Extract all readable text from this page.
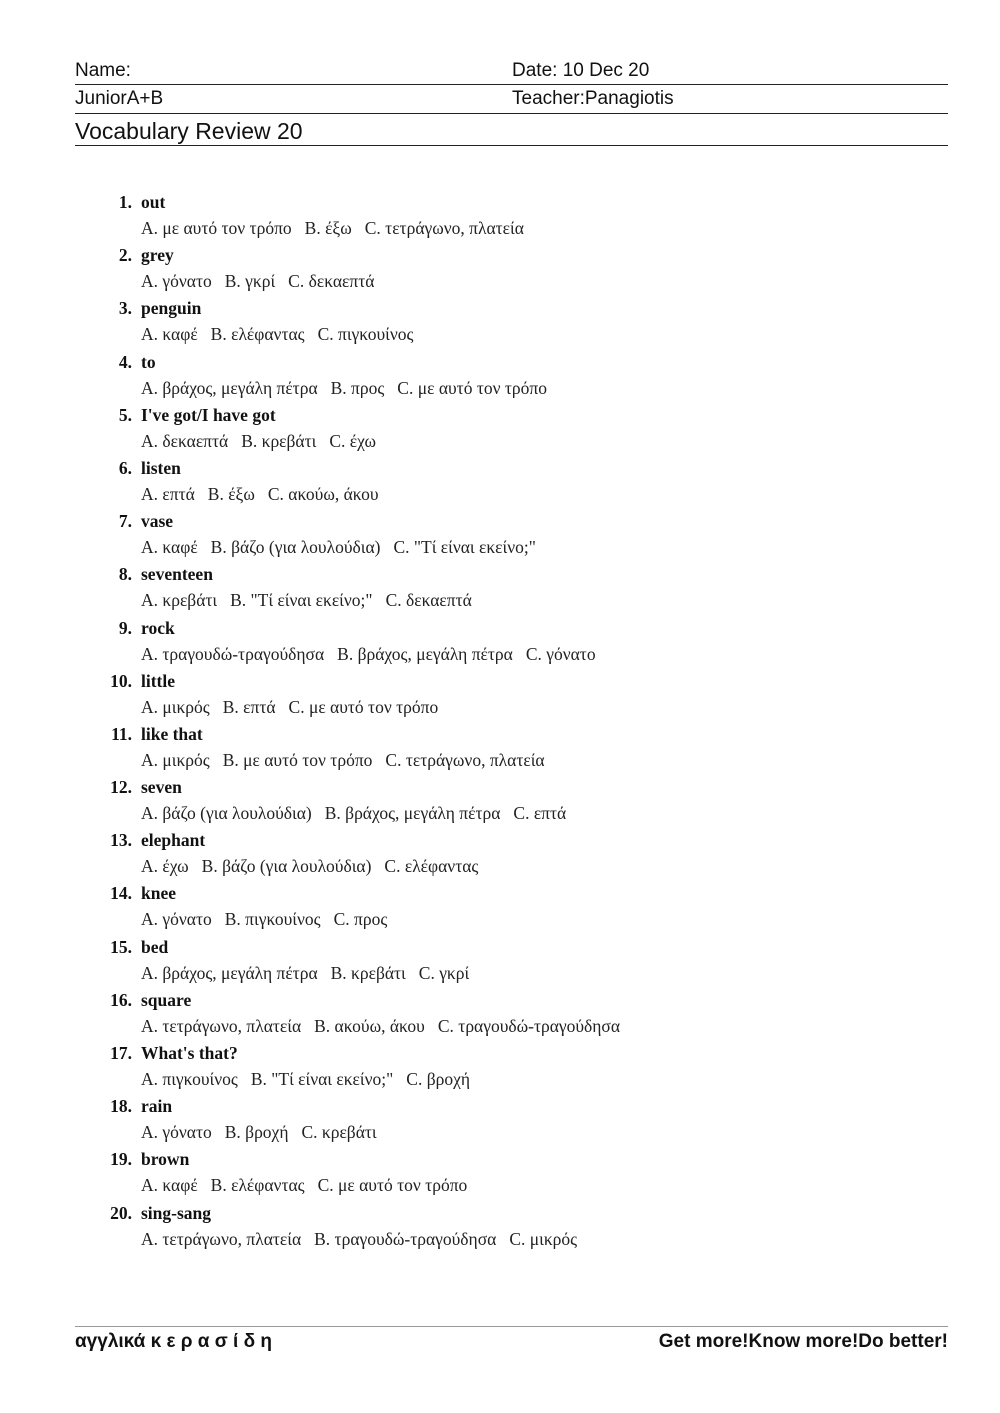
Name:	Date: 10 Dec 20
JuniorA+B	Teacher:Panagiotis
Vocabulary Review 20
1. out
A. με αυτό τον τρόπο B. έξω C. τετράγωνο, πλατεία
2. grey
A. γόνατο B. γκρί C. δεκαεπτά
3. penguin
A. καφέ B. ελέφαντας C. πιγκουίνος
4. to
A. βράχος, μεγάλη πέτρα B. προς C. με αυτό τον τρόπο
5. I've got/I have got
A. δεκαεπτά B. κρεβάτι C. έχω
6. listen
A. επτά B. έξω C. ακούω, άκου
7. vase
A. καφέ B. βάζο (για λουλούδια) C. "Τί είναι εκείνο;"
8. seventeen
A. κρεβάτι B. "Τί είναι εκείνο;" C. δεκαεπτά
9. rock
A. τραγουδώ-τραγούδησα B. βράχος, μεγάλη πέτρα C. γόνατο
10. little
A. μικρός B. επτά C. με αυτό τον τρόπο
11. like that
A. μικρός B. με αυτό τον τρόπο C. τετράγωνο, πλατεία
12. seven
A. βάζο (για λουλούδια) B. βράχος, μεγάλη πέτρα C. επτά
13. elephant
A. έχω B. βάζο (για λουλούδια) C. ελέφαντας
14. knee
A. γόνατο B. πιγκουίνος C. προς
15. bed
A. βράχος, μεγάλη πέτρα B. κρεβάτι C. γκρί
16. square
A. τετράγωνο, πλατεία B. ακούω, άκου C. τραγουδώ-τραγούδησα
17. What's that?
A. πιγκουίνος B. "Τί είναι εκείνο;" C. βροχή
18. rain
A. γόνατο B. βροχή C. κρεβάτι
19. brown
A. καφέ B. ελέφαντας C. με αυτό τον τρόπο
20. sing-sang
A. τετράγωνο, πλατεία B. τραγουδώ-τραγούδησα C. μικρός
αγγλικά κ ε ρ α σ ί δ η	Get more!Know more!Do better!
